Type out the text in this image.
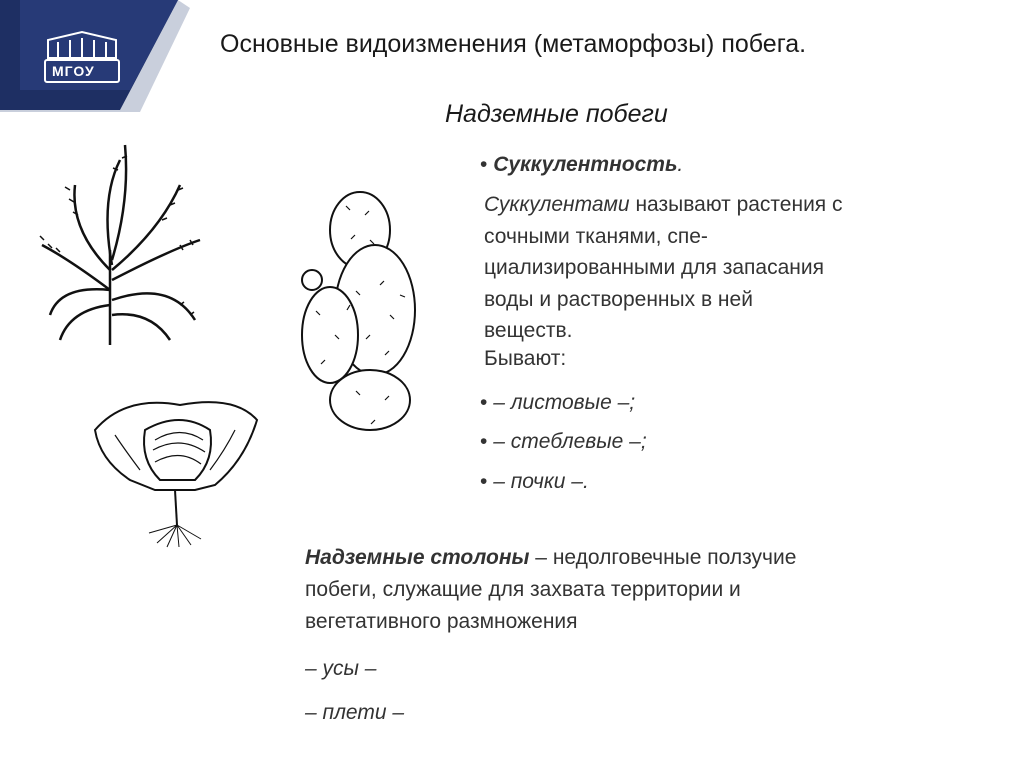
МГОУ
Основные видоизменения (метаморфозы) побега.
Надземные побеги
• Суккулентность.
Суккулентами называют растения с
сочными тканями, спе-
циализированными для запасания
воды и растворенных в ней
веществ.
Бывают:
• – листовые –;
• – стеблевые –;
• – почки –.
Надземные столоны – недолговечные ползучие
побеги, служащие для захвата территории и
вегетативного размножения
– усы –
– плети –
